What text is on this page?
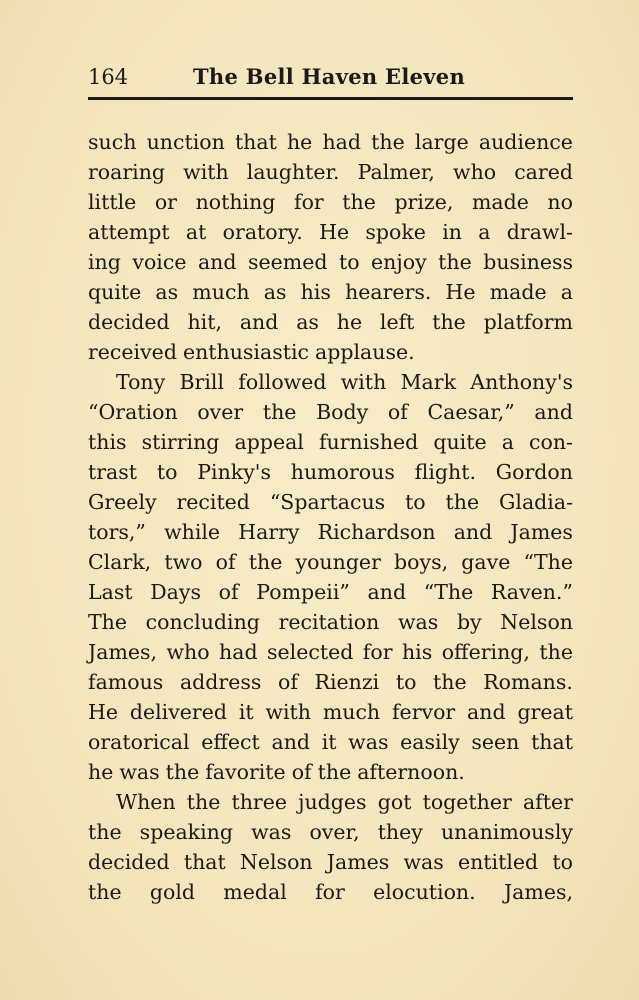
164	The Bell Haven Eleven
such unction that he had the large audience
roaring with laughter. Palmer, who cared
little or nothing for the prize, made no
attempt at oratory. He spoke in a drawl-
ing voice and seemed to enjoy the business
quite as much as his hearers. He made a
decided hit, and as he left the platform
received enthusiastic applause.
Tony Brill followed with Mark Anthony's
“Oration over the Body of Caesar,” and
this stirring appeal furnished quite a con-
trast to Pinky's humorous flight. Gordon
Greely recited “Spartacus to the Gladia-
tors,” while Harry Richardson and James
Clark, two of the younger boys, gave “The
Last Days of Pompeii” and “The Raven.”
The concluding recitation was by Nelson
James, who had selected for his offering, the
famous address of Rienzi to the Romans.
He delivered it with much fervor and great
oratorical effect and it was easily seen that
he was the favorite of the afternoon.
When the three judges got together after
the speaking was over, they unanimously
decided that Nelson James was entitled to
the gold medal for elocution. James,
